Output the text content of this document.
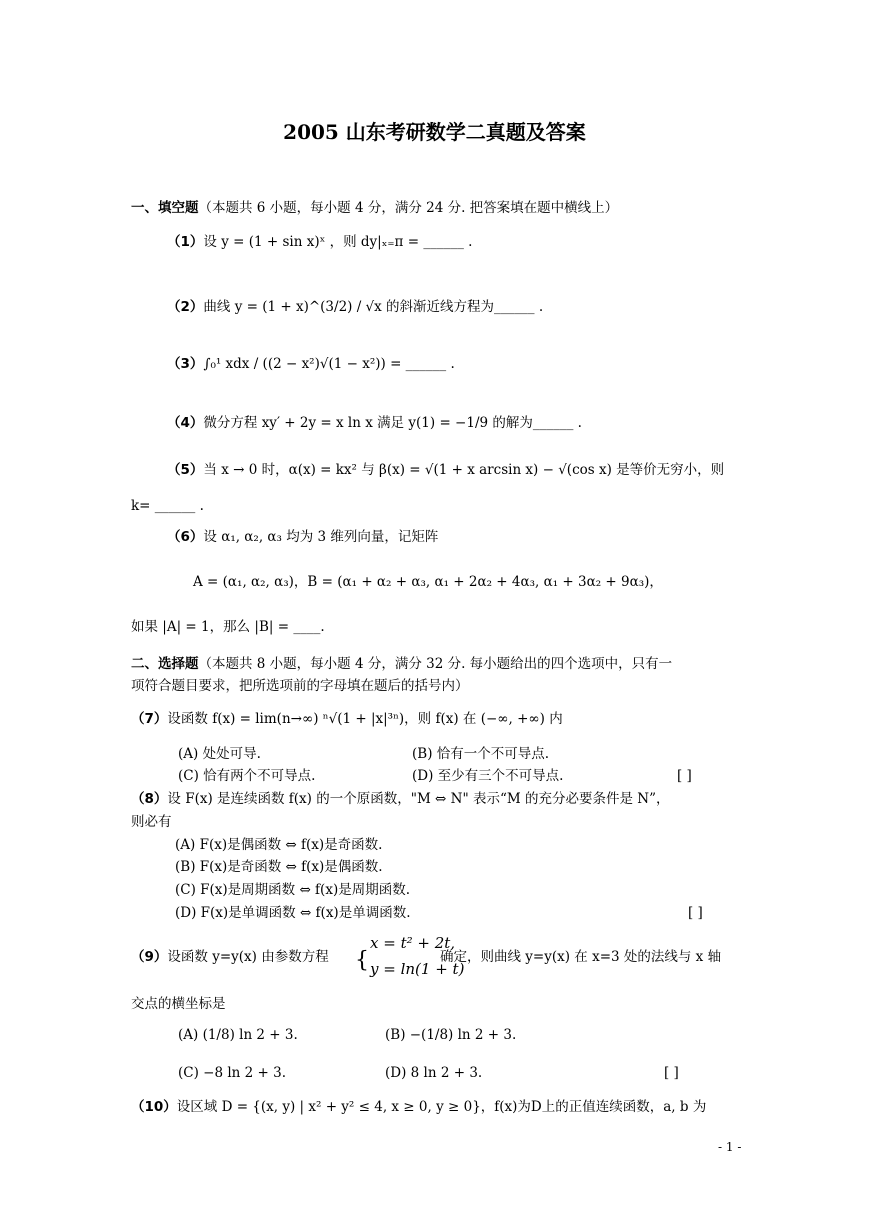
2005 山东考研数学二真题及答案
一、填空题（本题共 6 小题，每小题 4 分，满分 24 分. 把答案填在题中横线上）
（1）设 y = (1 + sin x)ˣ ，则 dy|ₓ₌π = ______ .
（2）曲线 y = (1 + x)^(3/2) / √x 的斜渐近线方程为______ .
（3）∫₀¹ xdx / ((2 − x²)√(1 − x²)) = ______ .
（4）微分方程 xy′ + 2y = x ln x 满足 y(1) = −1/9 的解为______ .
（5）当 x → 0 时，α(x) = kx² 与 β(x) = √(1 + x arcsin x) − √(cos x) 是等价无穷小，则
k= ______ .
（6）设 α₁, α₂, α₃ 均为 3 维列向量，记矩阵
A = (α₁, α₂, α₃)，B = (α₁ + α₂ + α₃, α₁ + 2α₂ + 4α₃, α₁ + 3α₂ + 9α₃)，
如果 |A| = 1，那么 |B| = ____.
二、选择题（本题共 8 小题，每小题 4 分，满分 32 分. 每小题给出的四个选项中，只有一
项符合题目要求，把所选项前的字母填在题后的括号内）
（7）设函数 f(x) = lim(n→∞) ⁿ√(1 + |x|³ⁿ)，则 f(x) 在 (−∞, +∞) 内
(A) 处处可导.	(B) 恰有一个不可导点.
(C) 恰有两个不可导点.	(D) 至少有三个不可导点.	[ ]
（8）设 F(x) 是连续函数 f(x) 的一个原函数，"M ⇔ N" 表示“M 的充分必要条件是 N”，
则必有
(A) F(x)是偶函数 ⇔ f(x)是奇函数.
(B) F(x)是奇函数 ⇔ f(x)是偶函数.
(C) F(x)是周期函数 ⇔ f(x)是周期函数.
(D) F(x)是单调函数 ⇔ f(x)是单调函数.	[ ]
（9）设函数 y=y(x) 由参数方程 {
x = t² + 2t,
y = ln(1 + t)
确定，则曲线 y=y(x) 在 x=3 处的法线与 x 轴
交点的横坐标是
(A) (1/8) ln 2 + 3.	(B) −(1/8) ln 2 + 3.
(C) −8 ln 2 + 3.	(D) 8 ln 2 + 3.	[ ]
（10）设区域 D = {(x, y) | x² + y² ≤ 4, x ≥ 0, y ≥ 0}，f(x)为D上的正值连续函数，a, b 为
- 1 -
